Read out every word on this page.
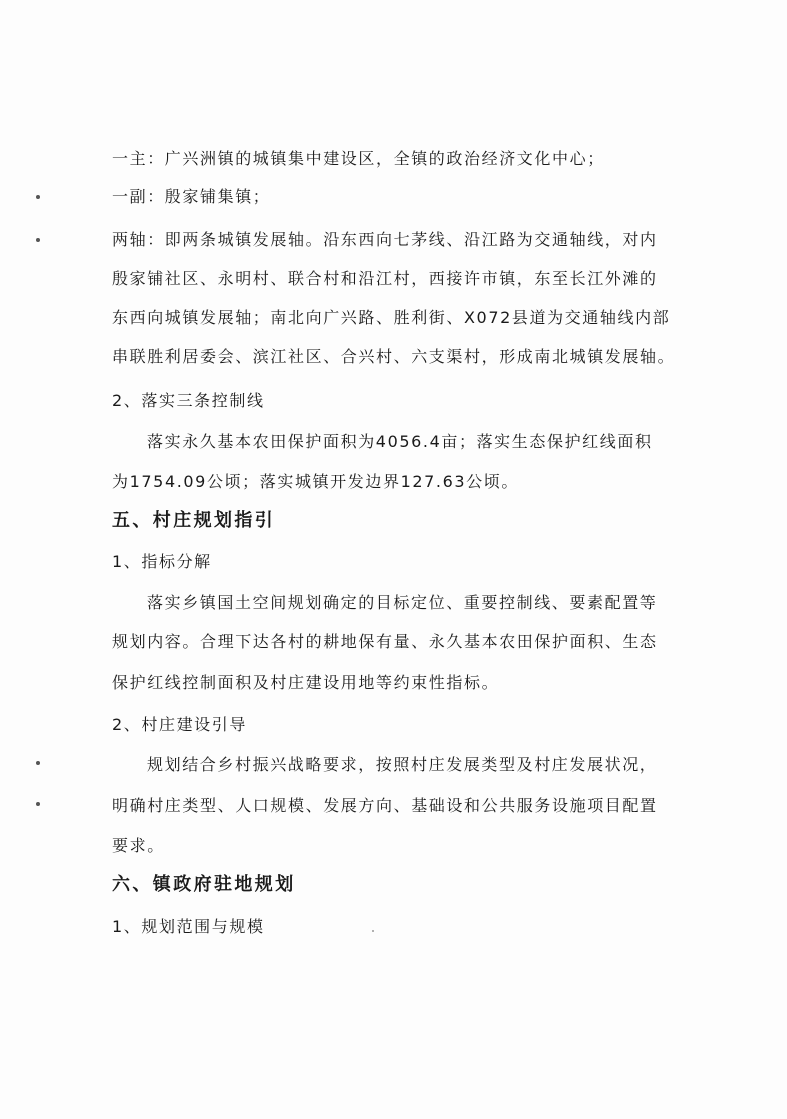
一主：广兴洲镇的城镇集中建设区，全镇的政治经济文化中心；
一副：殷家铺集镇；
两轴：即两条城镇发展轴。沿东西向七茅线、沿江路为交通轴线，对内
殷家铺社区、永明村、联合村和沿江村，西接许市镇，东至长江外滩的
东西向城镇发展轴；南北向广兴路、胜利街、X072县道为交通轴线内部
串联胜利居委会、滨江社区、合兴村、六支渠村，形成南北城镇发展轴。
2、落实三条控制线
落实永久基本农田保护面积为4056.4亩；落实生态保护红线面积
为1754.09公顷；落实城镇开发边界127.63公顷。
五、村庄规划指引
1、指标分解
落实乡镇国土空间规划确定的目标定位、重要控制线、要素配置等
规划内容。合理下达各村的耕地保有量、永久基本农田保护面积、生态
保护红线控制面积及村庄建设用地等约束性指标。
2、村庄建设引导
规划结合乡村振兴战略要求，按照村庄发展类型及村庄发展状况，
明确村庄类型、人口规模、发展方向、基础设和公共服务设施项目配置
要求。
六、镇政府驻地规划
1、规划范围与规模
